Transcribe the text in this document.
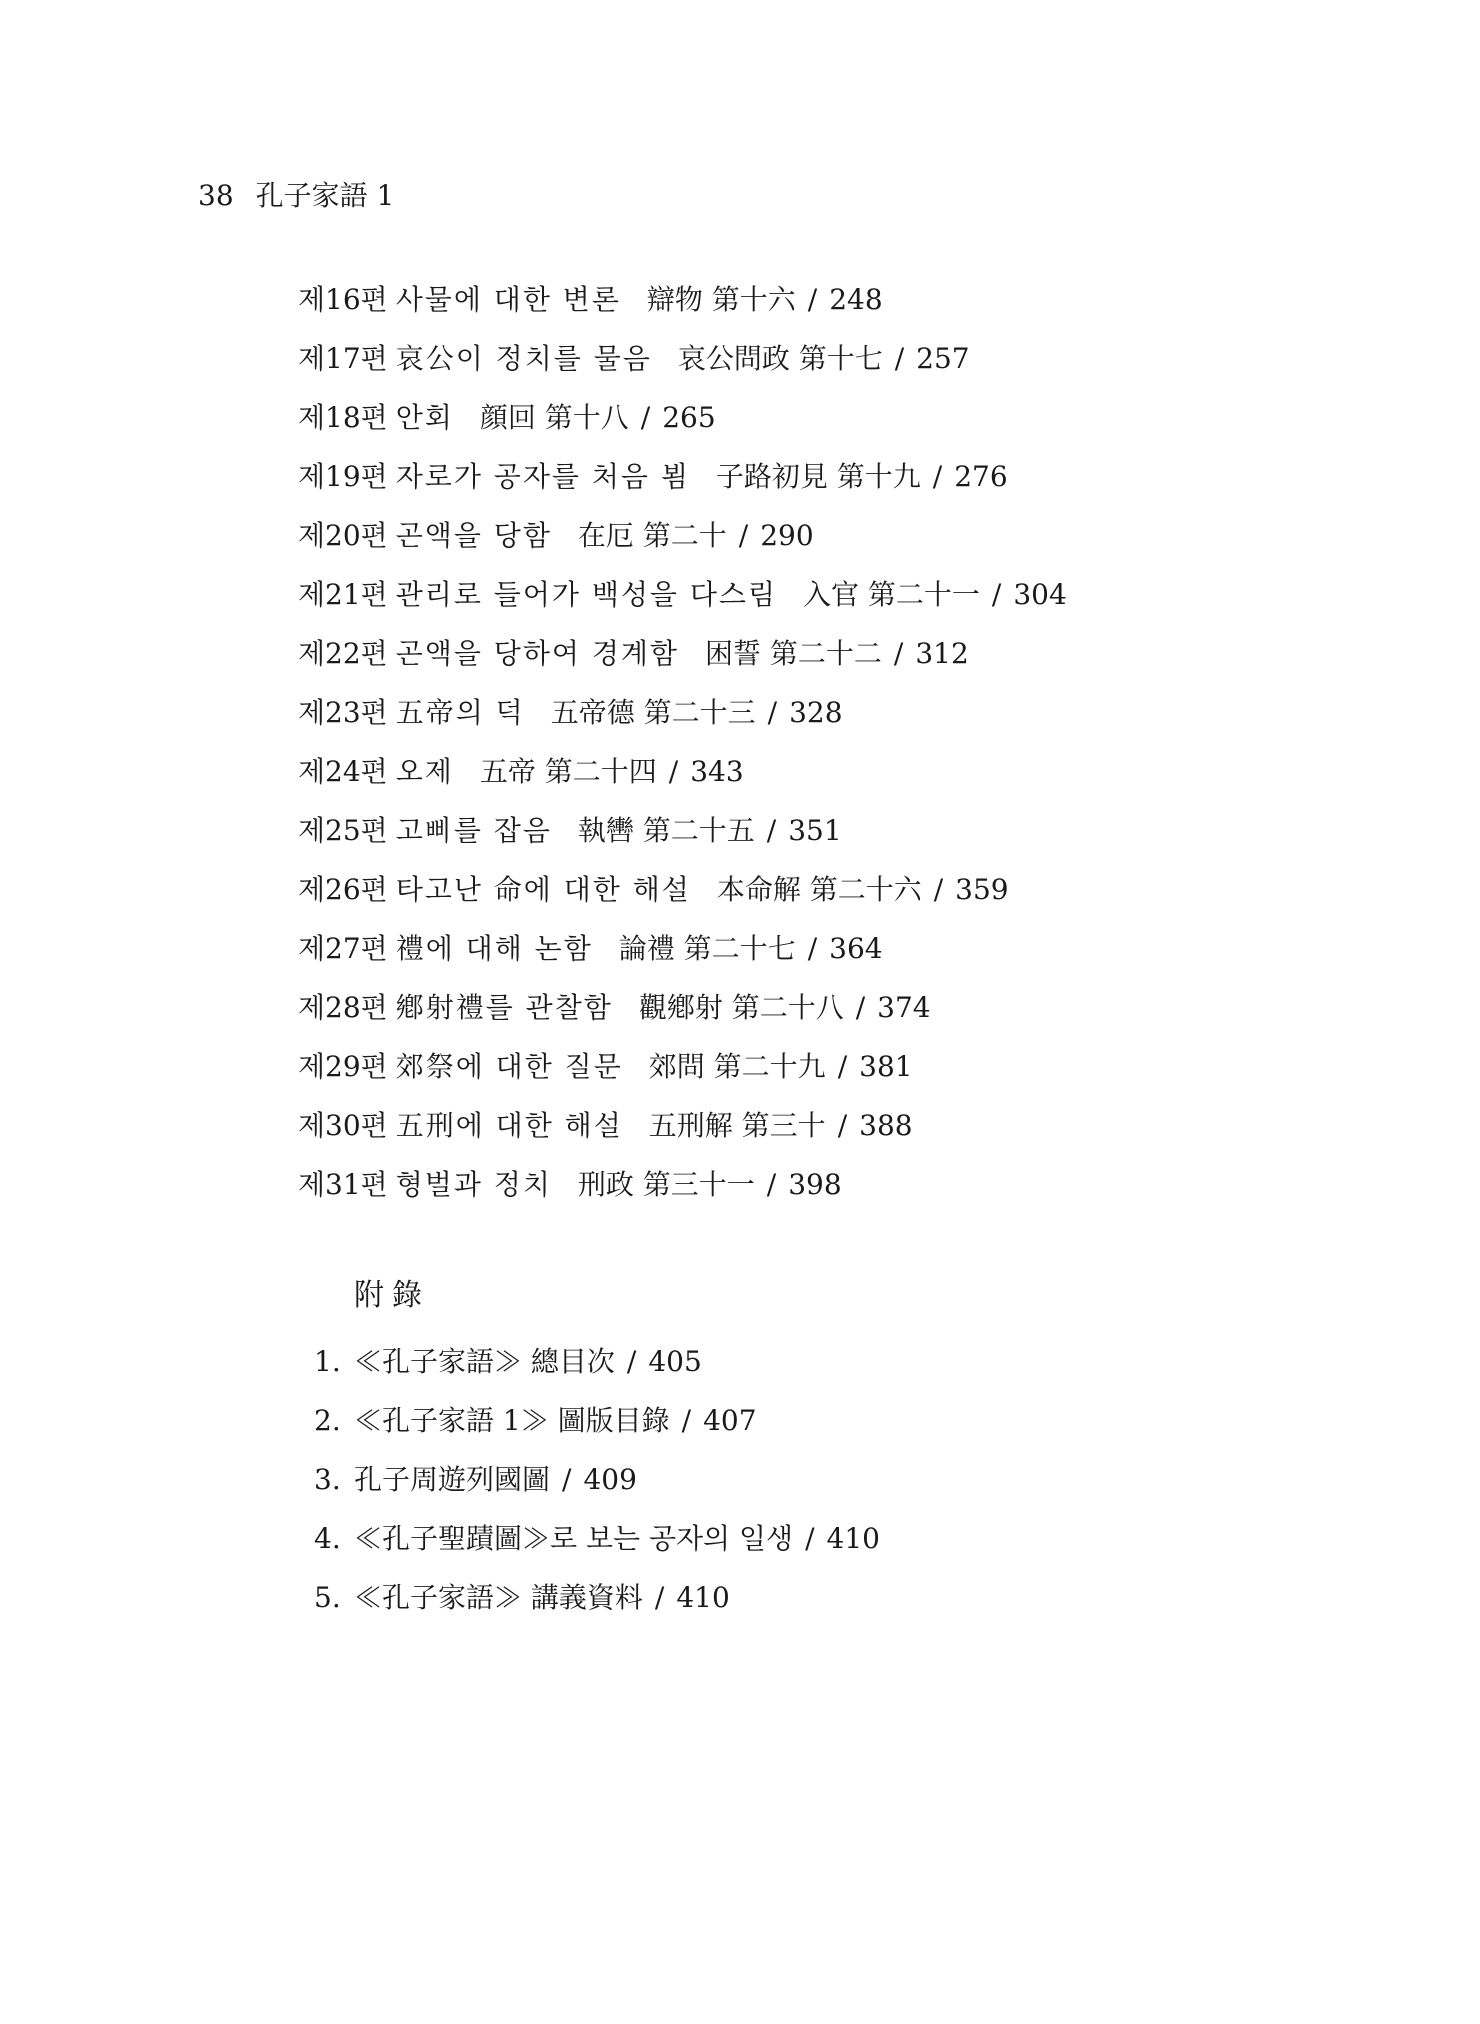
38 孔子家語 1
제16편 사물에 대한 변론 辯物 第十六 / 248
제17편 哀公이 정치를 물음 哀公問政 第十七 / 257
제18편 안회 顔回 第十八 / 265
제19편 자로가 공자를 처음 뵘 子路初見 第十九 / 276
제20편 곤액을 당함 在厄 第二十 / 290
제21편 관리로 들어가 백성을 다스림 入官 第二十一 / 304
제22편 곤액을 당하여 경계함 困誓 第二十二 / 312
제23편 五帝의 덕 五帝德 第二十三 / 328
제24편 오제 五帝 第二十四 / 343
제25편 고삐를 잡음 執轡 第二十五 / 351
제26편 타고난 命에 대한 해설 本命解 第二十六 / 359
제27편 禮에 대해 논함 論禮 第二十七 / 364
제28편 鄕射禮를 관찰함 觀鄕射 第二十八 / 374
제29편 郊祭에 대한 질문 郊問 第二十九 / 381
제30편 五刑에 대한 해설 五刑解 第三十 / 388
제31편 형벌과 정치 刑政 第三十一 / 398
附錄
1. ≪孔子家語≫ 總目次 / 405
2. ≪孔子家語 1≫ 圖版目錄 / 407
3. 孔子周遊列國圖 / 409
4. ≪孔子聖蹟圖≫로 보는 공자의 일생 / 410
5. ≪孔子家語≫ 講義資料 / 410
